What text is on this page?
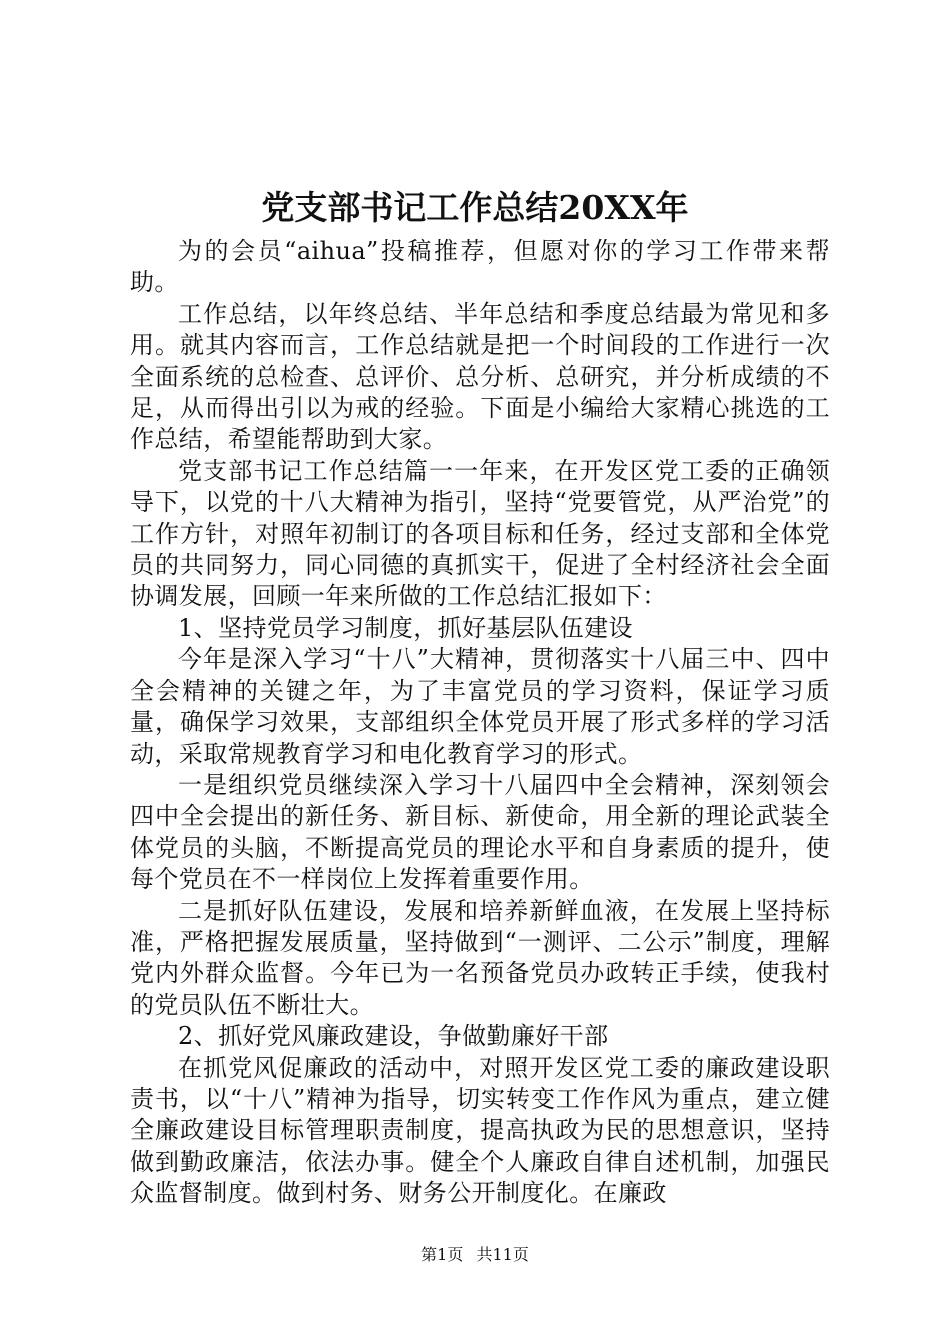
党支部书记工作总结20XX年

为的会员“aihua”投稿推荐，但愿对你的学习工作带来帮助。

工作总结，以年终总结、半年总结和季度总结最为常见和多用。就其内容而言，工作总结就是把一个时间段的工作进行一次全面系统的总检查、总评价、总分析、总研究，并分析成绩的不足，从而得出引以为戒的经验。下面是小编给大家精心挑选的工作总结，希望能帮助到大家。

党支部书记工作总结篇一一年来，在开发区党工委的正确领导下，以党的十八大精神为指引，坚持“党要管党，从严治党”的工作方针，对照年初制订的各项目标和任务，经过支部和全体党员的共同努力，同心同德的真抓实干，促进了全村经济社会全面协调发展，回顾一年来所做的工作总结汇报如下：

1、坚持党员学习制度，抓好基层队伍建设

今年是深入学习“十八”大精神，贯彻落实十八届三中、四中全会精神的关键之年，为了丰富党员的学习资料，保证学习质量，确保学习效果，支部组织全体党员开展了形式多样的学习活动，采取常规教育学习和电化教育学习的形式。

一是组织党员继续深入学习十八届四中全会精神，深刻领会四中全会提出的新任务、新目标、新使命，用全新的理论武装全体党员的头脑，不断提高党员的理论水平和自身素质的提升，使每个党员在不一样岗位上发挥着重要作用。

二是抓好队伍建设，发展和培养新鲜血液，在发展上坚持标准，严格把握发展质量，坚持做到“一测评、二公示”制度，理解党内外群众监督。今年已为一名预备党员办政转正手续，使我村的党员队伍不断壮大。

2、抓好党风廉政建设，争做勤廉好干部

在抓党风促廉政的活动中，对照开发区党工委的廉政建设职责书，以“十八”精神为指导，切实转变工作作风为重点，建立健全廉政建设目标管理职责制度，提高执政为民的思想意识，坚持做到勤政廉洁，依法办事。健全个人廉政自律自述机制，加强民众监督制度。做到村务、财务公开制度化。在廉政

第1页 共11页
